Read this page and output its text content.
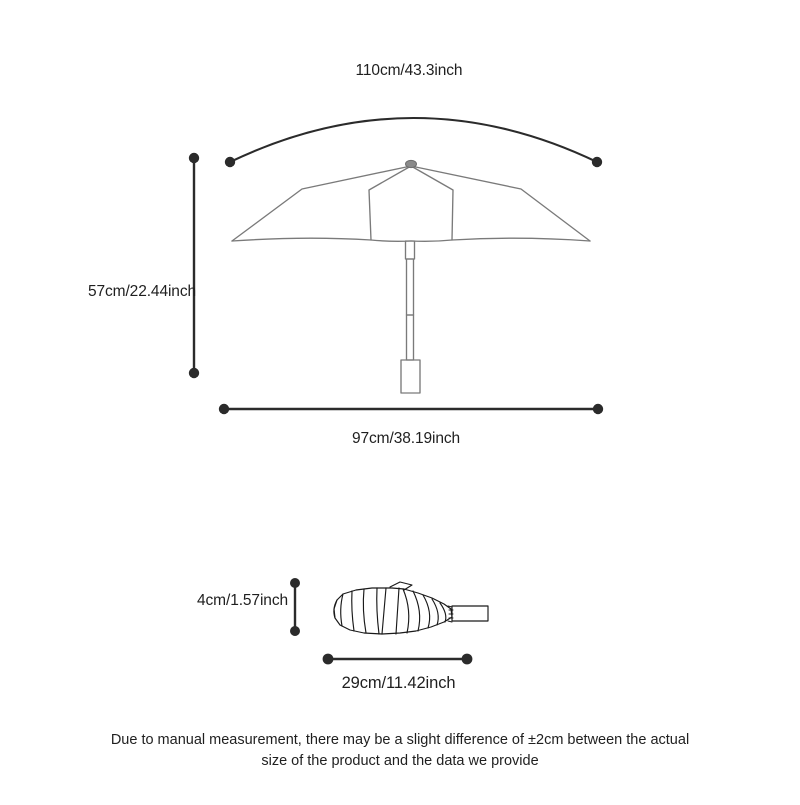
110cm/43.3inch
57cm/22.44inch
97cm/38.19inch
4cm/1.57inch
29cm/11.42inch
Due to manual measurement, there may be a slight difference of ±2cm between the actual size of the product and the data we provide
